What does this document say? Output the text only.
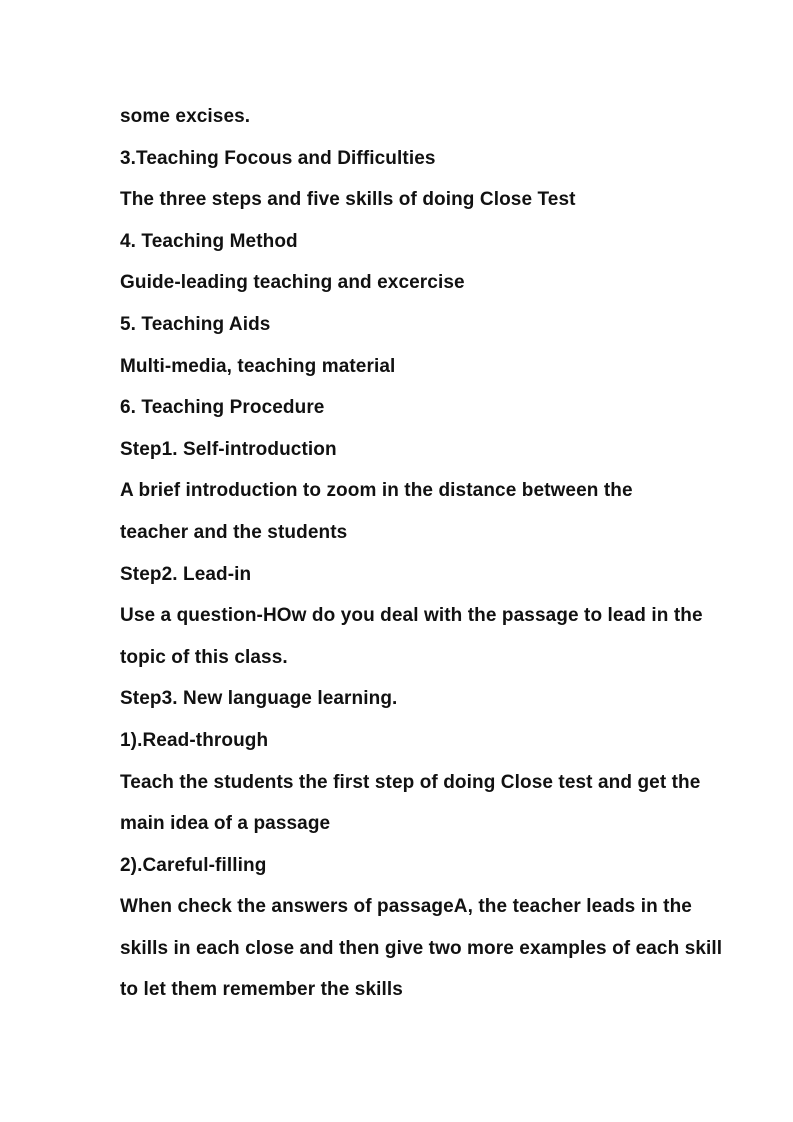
some excises.
3.Teaching Focous and Difficulties
The three steps and five skills of doing Close Test
4. Teaching Method
Guide-leading teaching and excercise
5. Teaching Aids
Multi-media, teaching material
6. Teaching Procedure
Step1. Self-introduction
A brief introduction to zoom in the distance between the
teacher and the students
Step2. Lead-in
Use a question-HOw do you deal with the passage to lead in the
topic of this class.
Step3. New language learning.
1).Read-through
Teach the students the first step of doing Close test and get the
main idea of a passage
2).Careful-filling
When check the answers of passageA, the teacher leads in the
skills in each close and then give two more examples of each skill
to let them remember the skills
